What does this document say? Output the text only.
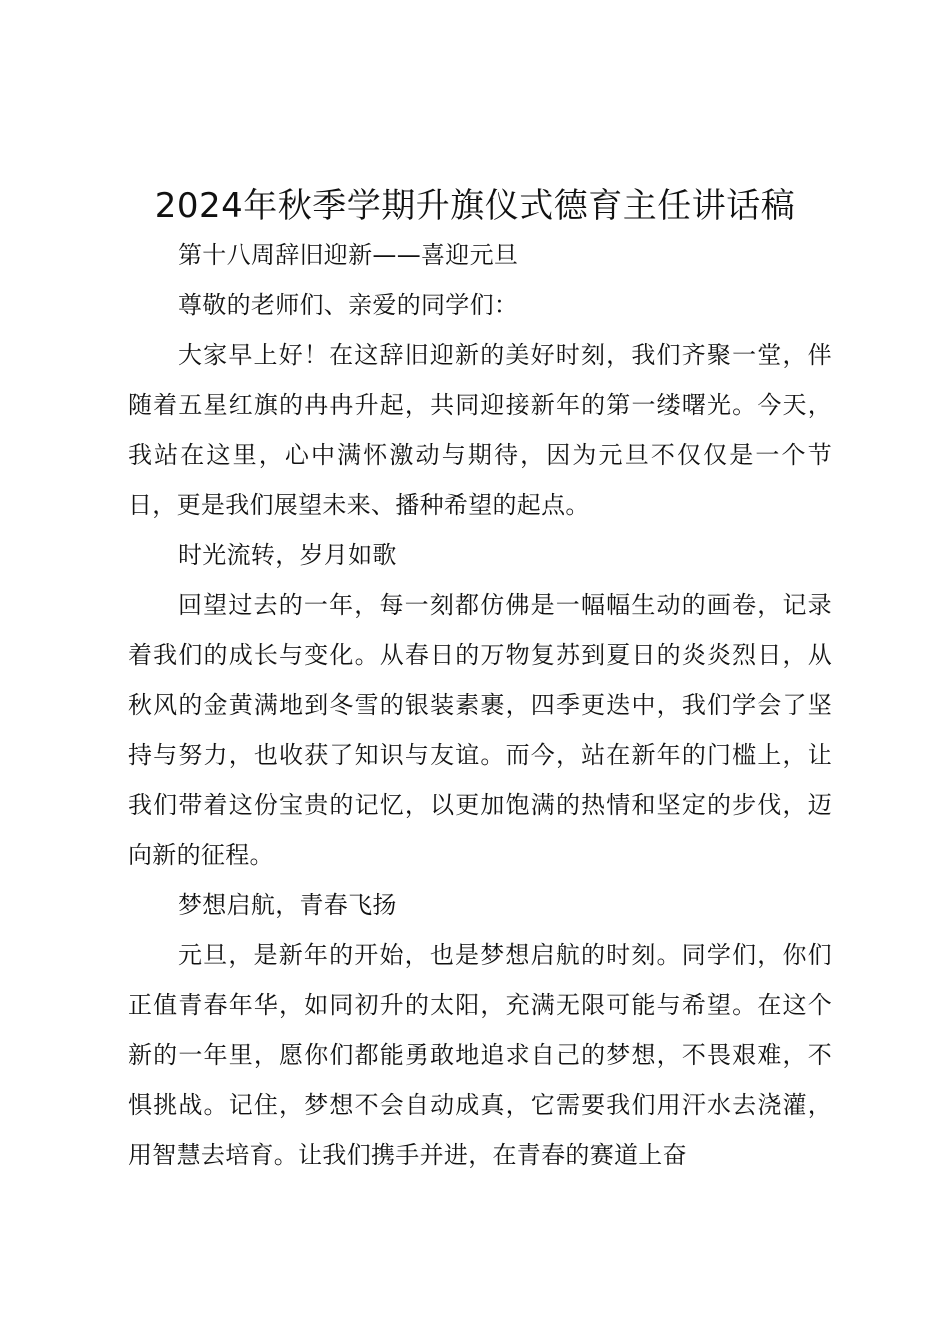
2024年秋季学期升旗仪式德育主任讲话稿

第十八周辞旧迎新——喜迎元旦

尊敬的老师们、亲爱的同学们：

大家早上好！在这辞旧迎新的美好时刻，我们齐聚一堂，伴随着五星红旗的冉冉升起，共同迎接新年的第一缕曙光。今天，我站在这里，心中满怀激动与期待，因为元旦不仅仅是一个节日，更是我们展望未来、播种希望的起点。

时光流转，岁月如歌

回望过去的一年，每一刻都仿佛是一幅幅生动的画卷，记录着我们的成长与变化。从春日的万物复苏到夏日的炎炎烈日，从秋风的金黄满地到冬雪的银装素裹，四季更迭中，我们学会了坚持与努力，也收获了知识与友谊。而今，站在新年的门槛上，让我们带着这份宝贵的记忆，以更加饱满的热情和坚定的步伐，迈向新的征程。

梦想启航，青春飞扬

元旦，是新年的开始，也是梦想启航的时刻。同学们，你们正值青春年华，如同初升的太阳，充满无限可能与希望。在这个新的一年里，愿你们都能勇敢地追求自己的梦想，不畏艰难，不惧挑战。记住，梦想不会自动成真，它需要我们用汗水去浇灌，用智慧去培育。让我们携手并进，在青春的赛道上奋
